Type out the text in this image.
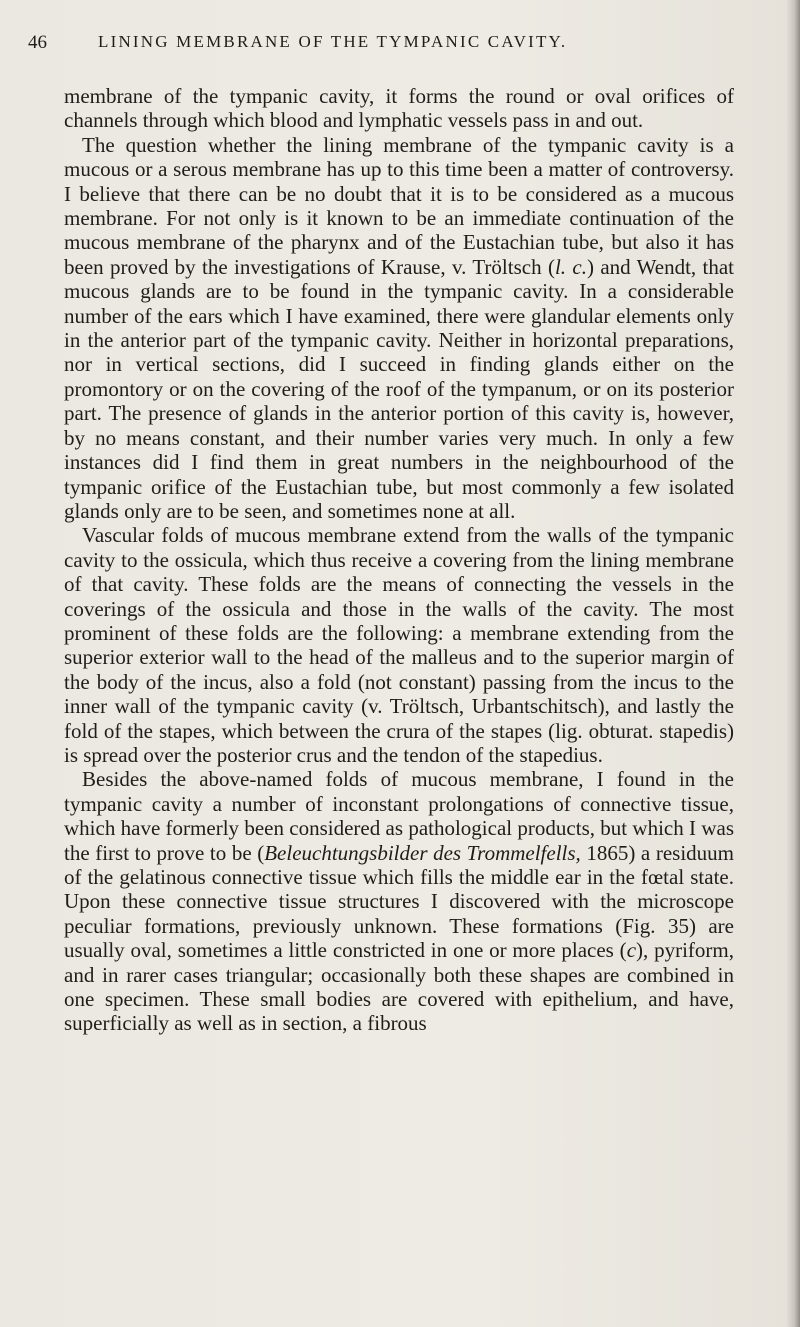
46	LINING MEMBRANE OF THE TYMPANIC CAVITY.

membrane of the tympanic cavity, it forms the round or oval orifices of channels through which blood and lymphatic vessels pass in and out.

The question whether the lining membrane of the tympanic cavity is a mucous or a serous membrane has up to this time been a matter of controversy. I believe that there can be no doubt that it is to be considered as a mucous membrane. For not only is it known to be an immediate continuation of the mucous membrane of the pharynx and of the Eustachian tube, but also it has been proved by the investigations of Krause, v. Tröltsch (l. c.) and Wendt, that mucous glands are to be found in the tympanic cavity. In a considerable number of the ears which I have examined, there were glandular elements only in the anterior part of the tympanic cavity. Neither in horizontal preparations, nor in vertical sections, did I succeed in finding glands either on the promontory or on the covering of the roof of the tympanum, or on its posterior part. The presence of glands in the anterior portion of this cavity is, however, by no means constant, and their number varies very much. In only a few instances did I find them in great numbers in the neighbourhood of the tympanic orifice of the Eustachian tube, but most commonly a few isolated glands only are to be seen, and sometimes none at all.

Vascular folds of mucous membrane extend from the walls of the tympanic cavity to the ossicula, which thus receive a covering from the lining membrane of that cavity. These folds are the means of connecting the vessels in the coverings of the ossicula and those in the walls of the cavity. The most prominent of these folds are the following: a membrane extending from the superior exterior wall to the head of the malleus and to the superior margin of the body of the incus, also a fold (not constant) passing from the incus to the inner wall of the tympanic cavity (v. Tröltsch, Urbantschitsch), and lastly the fold of the stapes, which between the crura of the stapes (lig. obturat. stapedis) is spread over the posterior crus and the tendon of the stapedius.

Besides the above-named folds of mucous membrane, I found in the tympanic cavity a number of inconstant prolongations of connective tissue, which have formerly been considered as pathological products, but which I was the first to prove to be (Beleuchtungsbilder des Trommelfells, 1865) a residuum of the gelatinous connective tissue which fills the middle ear in the fœtal state. Upon these connective tissue structures I discovered with the microscope peculiar formations, previously unknown. These formations (Fig. 35) are usually oval, sometimes a little constricted in one or more places (c), pyriform, and in rarer cases triangular; occasionally both these shapes are combined in one specimen. These small bodies are covered with epithelium, and have, superficially as well as in section, a fibrous
